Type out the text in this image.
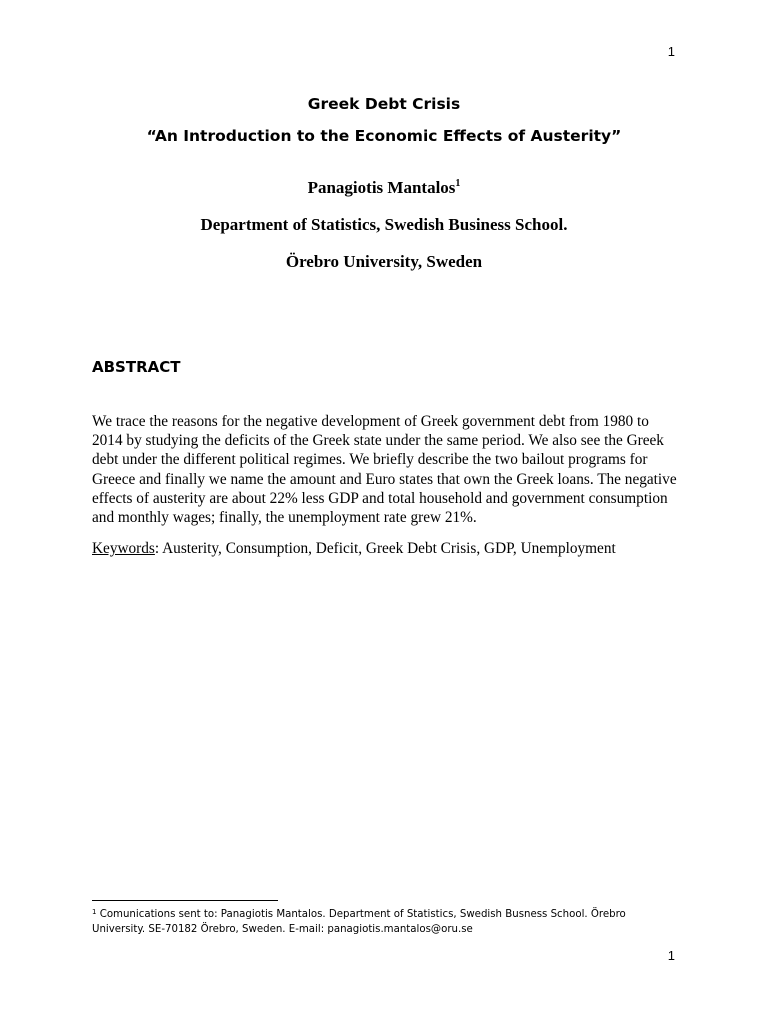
1

Greek Debt Crisis

“An Introduction to the Economic Effects of Austerity”

Panagiotis Mantalos$^1$

Department of Statistics, Swedish Business School.

Örebro University, Sweden

ABSTRACT

We trace the reasons for the negative development of Greek government debt from 1980 to 2014 by studying the deficits of the Greek state under the same period. We also see the Greek debt under the different political regimes. We briefly describe the two bailout programs for Greece and finally we name the amount and Euro states that own the Greek loans. The negative effects of austerity are about 22% less GDP and total household and government consumption and monthly wages; finally, the unemployment rate grew 21%.

Keywords: Austerity, Consumption, Deficit, Greek Debt Crisis, GDP, Unemployment

$^1$ Comunications sent to: Panagiotis Mantalos. Department of Statistics, Swedish Busness School. Örebro University. SE-70182 Örebro, Sweden. E-mail: panagiotis.mantalos@oru.se

1
